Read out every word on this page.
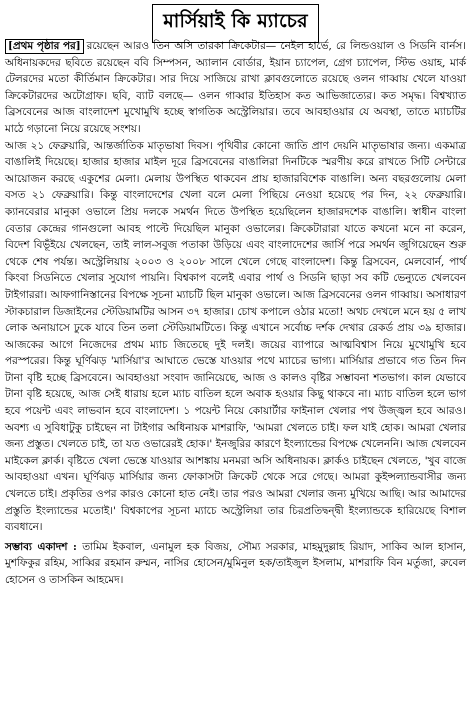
মার্সিয়াই কি ম্যাচের

[প্রথম পৃষ্ঠার পর] রয়েছেন আরও তিন অসি তারকা ক্রিকেটার— নেইল হার্ভে, রে লিন্ডওয়াল ও সিডনি বার্নস। অধিনায়কদের ছবিতে রয়েছেন ববি সিম্পসন, অ্যালান বোর্ডার, ইয়ান চ্যাপেল, গ্রেগ চ্যাপেল, স্টিভ ওয়াহ, মার্ক টেলরদের মতো কীর্তিমান ক্রিকেটার। সার দিয়ে সাজিয়ে রাখা ক্লাবগুলোতে রয়েছে ওলন গাব্বায় খেলে যাওয়া ক্রিকেটারদের অটোগ্রাফ। ছবি, ব্যাট বলছে— ওলন গাব্বার ইতিহাস কত আভিজাত্যের। কত সমৃদ্ধ। বিশ্বখ্যাত ব্রিসবেনের আজ বাংলাদেশ মুখোমুখি হচ্ছে স্বাগতিক অস্ট্রেলিয়ার। তবে আবহাওয়ার যে অবস্থা, তাতে ম্যাচটির মাঠে গড়ানো নিয়ে রয়েছে সংশয়।

আজ ২১ ফেব্রুয়ারি, আন্তর্জাতিক মাতৃভাষা দিবস। পৃথিবীর কোনো জাতি প্রাণ দেয়নি মাতৃভাষার জন্য। একমাত্র বাঙালিই দিয়েছে। হাজার হাজার মাইল দূরে ব্রিসবেনের বাঙালিরা দিনটিকে স্মরণীয় করে রাখতে সিটি সেন্টারে আয়োজন করছে একুশের মেলা। মেলায় উপস্থিত থাকবেন প্রায় হাজারবিশেক বাঙালি। অন্য বছরগুলোয় মেলা বসত ২১ ফেব্রুয়ারি। কিন্তু বাংলাদেশের খেলা বলে মেলা পিছিয়ে নেওয়া হয়েছে পর দিন, ২২ ফেব্রুয়ারি। ক্যানবেরার মানুকা ওভালে প্রিয় দলকে সমর্থন দিতে উপস্থিত হয়েছিলেন হাজারদশেক বাঙালি। স্বাধীন বাংলা বেতার কেন্দ্রের গানগুলো আবহ পাল্টে দিয়েছিল মানুকা ওভালের। ক্রিকেটারারা যাতে কখনো মনে না করেন, বিদেশ বিভূঁইয়ে খেলছেন, তাই লাল-সবুজ পতাকা উড়িয়ে এবং বাংলাদেশের জার্সি পরে সমর্থন জুগিয়েছেন শুরু থেকে শেষ পর্যন্ত। অস্ট্রেলিয়ায় ২০০৩ ও ২০০৮ সালে খেলে গেছে বাংলাদেশ। কিন্তু ব্রিসবেন, মেলবোর্ন, পার্থ কিংবা সিডনিতে খেলার সুযোগ পায়নি। বিশ্বকাপ বলেই এবার পার্থ ও সিডনি ছাড়া সব কটি ভেন্যুতে খেলবেন টাইগাররা। আফগানিস্তানের বিপক্ষে সূচনা ম্যাচটি ছিল মানুকা ওভালে। আজ ব্রিসবেনের ওলন গাব্বায়। অসাধারণ স্টাকচারাল ডিজাইনের স্টেডিয়ামটির আসন ৩৭ হাজার। চোখ কপালে ওঠার মতো! অথচ দেখলে মনে হয় ৫ লাখ লোক অনায়াসে ঢুকে যাবে তিন তলা স্টেডিয়ামটিতে। কিন্তু এখানে সর্বোচ্চ দর্শক দেখার রেকর্ড প্রায় ৩৯ হাজার। আজকের আগে নিজেদের প্রথম ম্যাচ জিতেছে দুই দলই। জয়ের ব্যাপারে আত্মবিশ্বাস নিয়ে মুখোমুখি হবে পরস্পরের। কিন্তু ঘূর্ণিঝড় 'মার্সিয়া'র আঘাতে ভেস্তে যাওয়ার পথে ম্যাচের ভাগ্য। মার্সিয়ার প্রভাবে গত তিন দিন টানা বৃষ্টি হচ্ছে ব্রিসবেনে। আবহাওয়া সংবাদ জানিয়েছে, আজ ও কালও বৃষ্টির সম্ভাবনা শতভাগ। কাল যেভাবে টানা বৃষ্টি হয়েছে, আজ সেই ধারায় হলে ম্যাচ বাতিল হলে অবাক হওয়ার কিছু থাকবে না। ম্যাচ বাতিল হলে ভাগ হবে পয়েন্ট এবং লাভবান হবে বাংলাদেশ। ১ পয়েন্ট নিয়ে কোয়ার্টার ফাইনাল খেলার পথ উজ্জ্বল হবে আরও। অবশ্য এ সুবিধাটুকু চাইছেন না টাইগার অধিনায়ক মাশরাফি, 'আমরা খেলতে চাই। ফল যাই হোক। আমরা খেলার জন্য প্রস্তুত। খেলতে চাই, তা যত ওভারেরই হোক।' ইনজুরির কারণে ইংল্যান্ডের বিপক্ষে খেলেননি। আজ খেলবেন মাইকেল ক্লার্ক। বৃষ্টিতে খেলা ভেস্তে যাওয়ার আশঙ্কায় মনমরা অসি অধিনায়ক। ক্লার্কও চাইছেন খেলতে, 'খুব বাজে আবহাওয়া এখন। ঘূর্ণিঝড় মার্সিয়ার জন্য ফোকাসটা ক্রিকেট থেকে সরে গেছে। আমরা কুইন্সল্যান্ডবাসীর জন্য খেলতে চাই। প্রকৃতির ওপর কারও কোনো হাত নেই। তার পরও আমরা খেলার জন্য মুখিয়ে আছি। আর আমাদের প্রস্তুতি ইংল্যান্ডের মতোই।' বিশ্বকাপের সূচনা ম্যাচে অস্ট্রেলিয়া তার চিরপ্রতিদ্বন্দ্বী ইংল্যান্ডকে হারিয়েছে বিশাল ব্যবধানে।

সম্ভাব্য একাদশ : তামিম ইকবাল, এনামুল হক বিজয়, সৌম্য সরকার, মাহমুদুল্লাহ রিয়াদ, সাকিব আল হাসান, মুশফিকুর রহিম, সাব্বির রহমান রুম্মন, নাসির হোসেন/মুমিনুল হক/তাইজুল ইসলাম, মাশরাফি বিন মর্তুজা, রুবেল হোসেন ও তাসকিন আহমেদ।
